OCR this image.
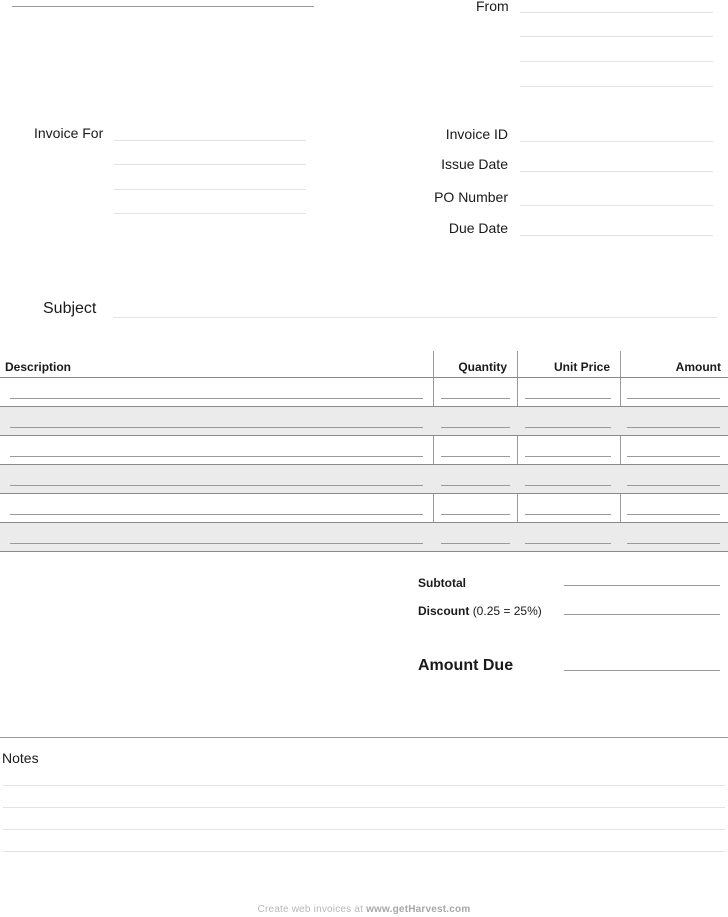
From
Invoice For	Invoice ID
Issue Date
PO Number
Due Date
Subject
Description	Quantity	Unit Price	Amount
Subtotal
Discount (0.25 = 25%)
Amount Due
Notes
Create web invoices at www.getHarvest.com
